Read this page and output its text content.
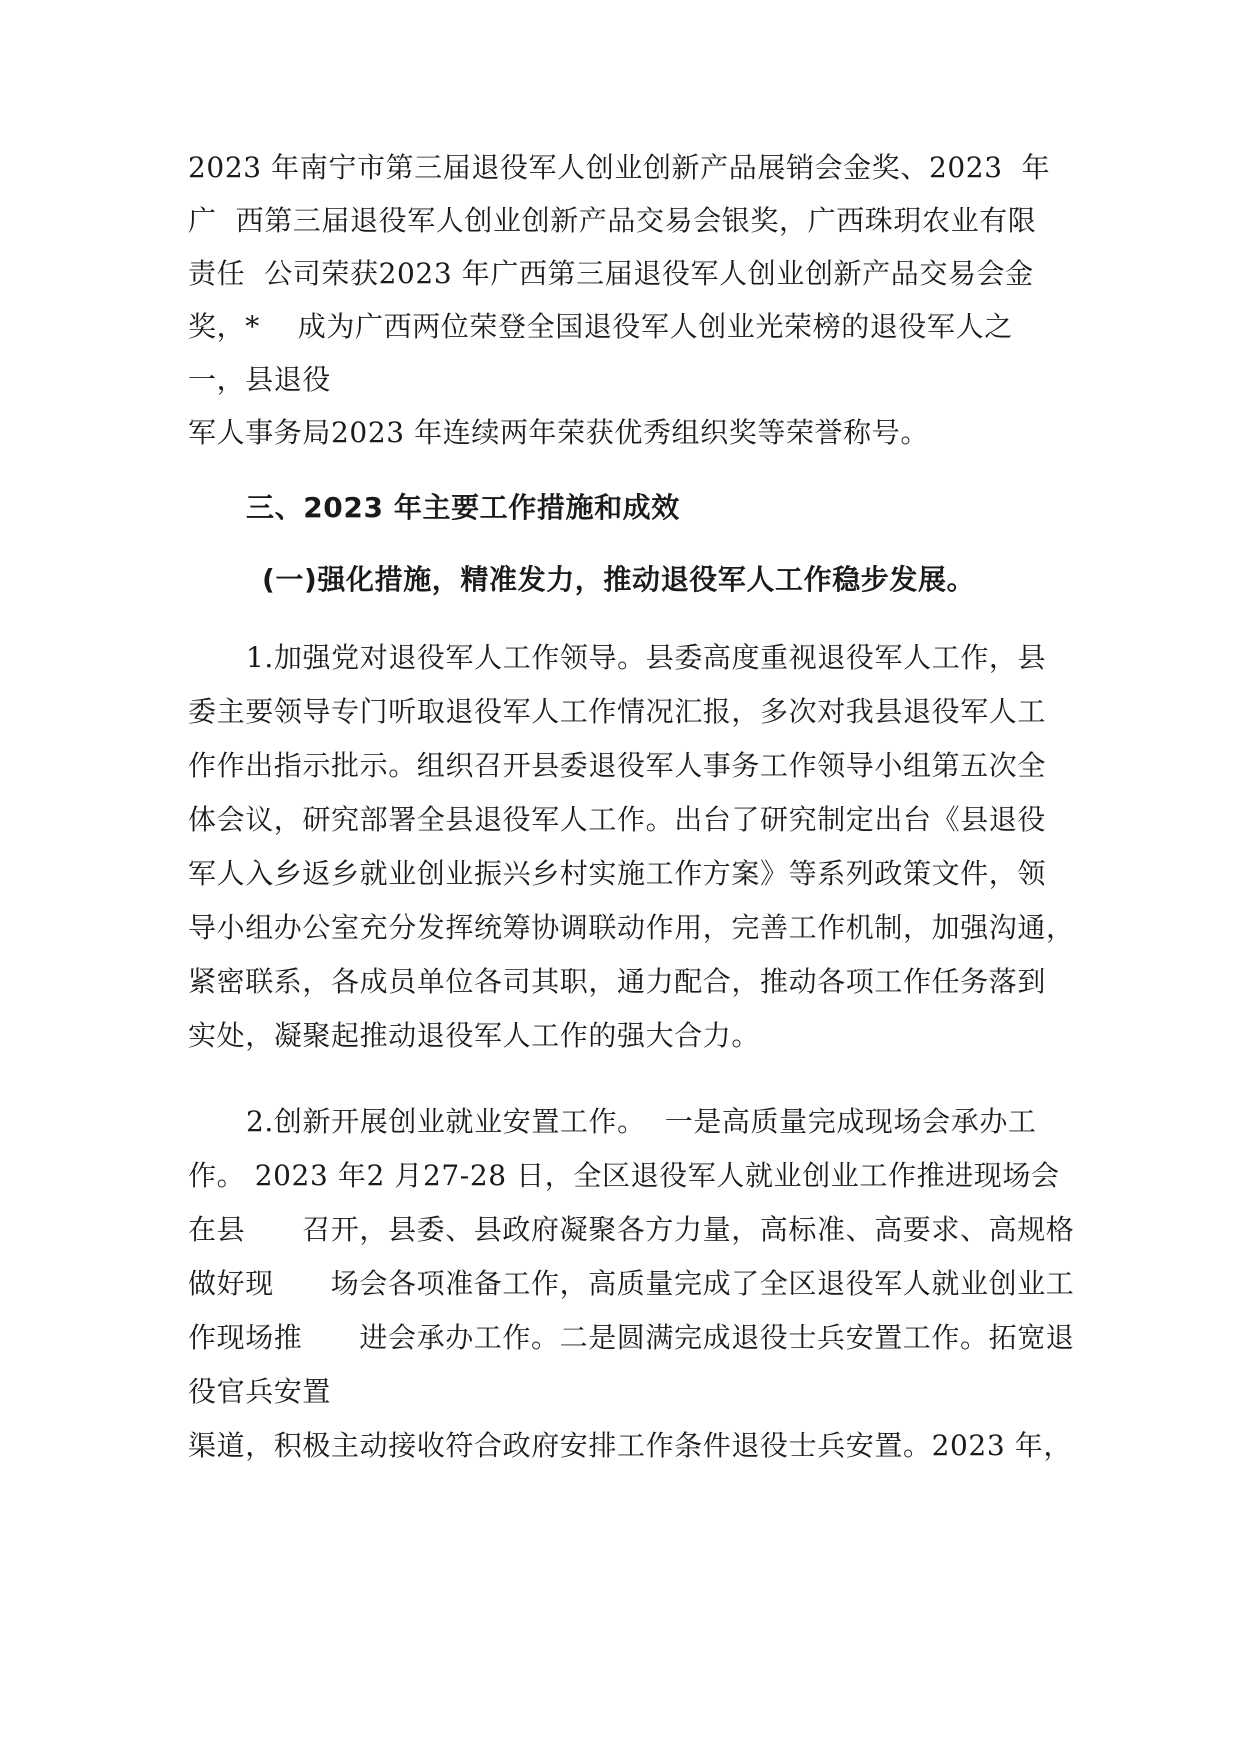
2023 年南宁市第三届退役军人创业创新产品展销会金奖、2023  年
广  西第三届退役军人创业创新产品交易会银奖，广西珠玥农业有限
责任  公司荣获2023 年广西第三届退役军人创业创新产品交易会金
奖，*    成为广西两位荣登全国退役军人创业光荣榜的退役军人之
一，县退役
军人事务局2023 年连续两年荣获优秀组织奖等荣誉称号。
三、2023 年主要工作措施和成效
(一)强化措施，精准发力，推动退役军人工作稳步发展。
1.加强党对退役军人工作领导。县委高度重视退役军人工作，县
委主要领导专门听取退役军人工作情况汇报，多次对我县退役军人工
作作出指示批示。组织召开县委退役军人事务工作领导小组第五次全
体会议，研究部署全县退役军人工作。出台了研究制定出台《县退役
军人入乡返乡就业创业振兴乡村实施工作方案》等系列政策文件，领
导小组办公室充分发挥统筹协调联动作用，完善工作机制，加强沟通，
紧密联系，各成员单位各司其职，通力配合，推动各项工作任务落到
实处，凝聚起推动退役军人工作的强大合力。
2.创新开展创业就业安置工作。  一是高质量完成现场会承办工
作。 2023 年2 月27-28 日，全区退役军人就业创业工作推进现场会
在县      召开，县委、县政府凝聚各方力量，高标准、高要求、高规格
做好现      场会各项准备工作，高质量完成了全区退役军人就业创业工
作现场推      进会承办工作。二是圆满完成退役士兵安置工作。拓宽退
役官兵安置
渠道，积极主动接收符合政府安排工作条件退役士兵安置。2023 年，
